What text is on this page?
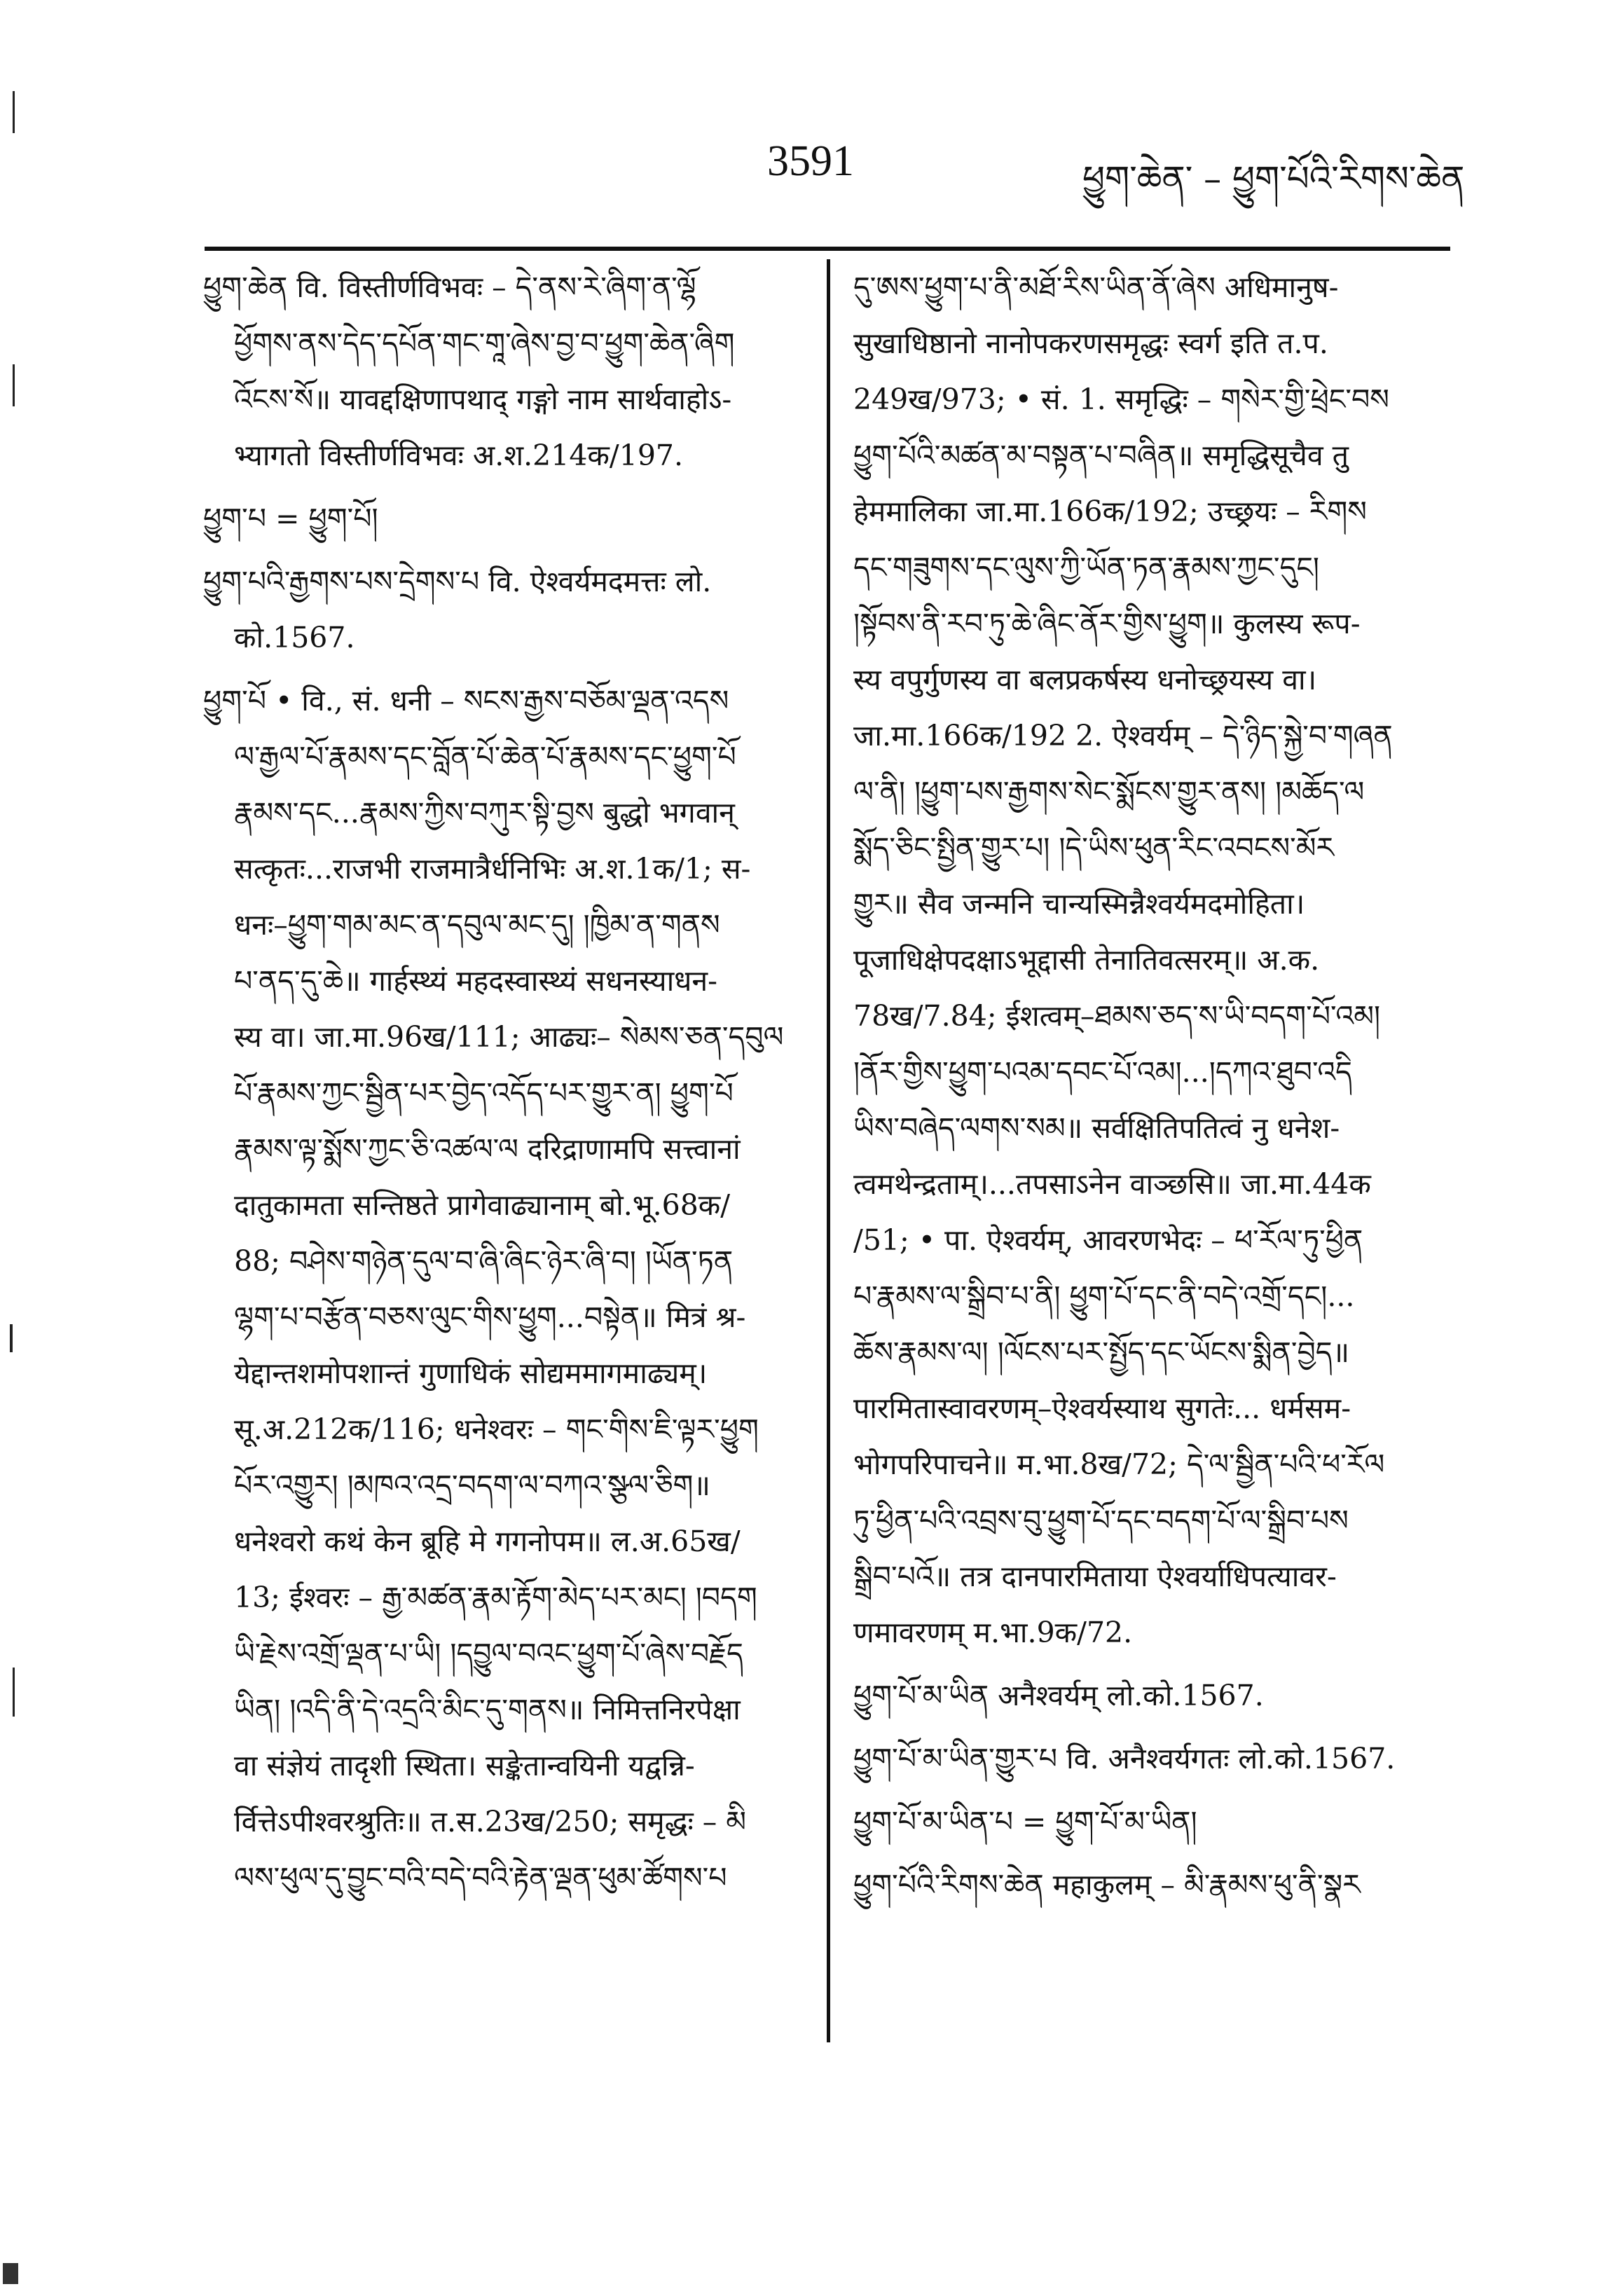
3591	ཕྱུག་ཆེན་ – ཕྱུག་པོའི་རིགས་ཆེན
ཕྱུག་ཆེན वि. विस्तीर्णविभवः – དེ་ནས་རེ་ཞིག་ན་ལྷོ
ཕྱོགས་ནས་དེད་དཔོན་གང་གཱ་ཞེས་བྱ་བ་ཕྱུག་ཆེན་ཞིག
འོངས་སོ॥ यावद्दक्षिणापथाद् गङ्गो नाम सार्थवाहोऽ-
भ्यागतो विस्तीर्णविभवः अ.श.214क/197.
ཕྱུག་པ = ཕྱུག་པོ།
ཕྱུག་པའི་རྒྱགས་པས་དྲེགས་པ वि. ऐश्वर्यमदमत्तः लो.
को.1567.
ཕྱུག་པོ • वि., सं. धनी – སངས་རྒྱས་བཅོམ་ལྡན་འདས
ལ་རྒྱལ་པོ་རྣམས་དང་བློན་པོ་ཆེན་པོ་རྣམས་དང་ཕྱུག་པོ
རྣམས་དང...རྣམས་ཀྱིས་བཀུར་སྟི་བྱས बुद्धो भगवान्
सत्कृतः...राजभी राजमात्रैर्धनिभिः अ.श.1क/1; स-
धनः–ཕྱུག་གམ་མང་ན་དབུལ་མང་དུ། །ཁྱིམ་ན་གནས
པ་ནད་དུ་ཆེ॥ गार्हस्थ्यं महदस्वास्थ्यं सधनस्याधन-
स्य वा। जा.मा.96ख/111; आढ्यः– སེམས་ཅན་དབུལ
པོ་རྣམས་ཀྱང་སྦྱིན་པར་བྱེད་འདོད་པར་གྱུར་ན། ཕྱུག་པོ
རྣམས་ལྟ་སྨོས་ཀྱང་ཅི་འཚལ་ལ दरिद्राणामपि सत्त्वानां
दातुकामता सन्तिष्ठते प्रागेवाढ्यानाम् बो.भू.68क/
88; བཤེས་གཉེན་དུལ་བ་ཞི་ཞིང་ཉེར་ཞི་བ། །ཡོན་ཏན
ལྷག་པ་བརྩོན་བཅས་ལུང་གིས་ཕྱུག...བསྟེན॥ मित्रं श्र-
येद्दान्तशमोपशान्तं गुणाधिकं सोद्यममागमाढ्यम्।
सू.अ.212क/116; धनेश्वरः – གང་གིས་ཇི་ལྟར་ཕྱུག
པོར་འགྱུར། །མཁའ་འདྲ་བདག་ལ་བཀའ་སྩལ་ཅིག॥
धनेश्वरो कथं केन ब्रूहि मे गगनोपम॥ ल.अ.65ख/
13; ईश्वरः – རྒྱ་མཚན་རྣམ་རྟོག་མེད་པར་མང། །བདག
ཡི་རྗེས་འགྲོ་ལྡན་པ་ཡི། །དབྱུལ་བའང་ཕྱུག་པོ་ཞེས་བརྗོད
ཡིན། །འདི་ནི་དེ་འདྲའི་མིང་དུ་གནས॥ निमित्तनिरपेक्षा
वा संज्ञेयं तादृशी स्थिता। सङ्केतान्वयिनी यद्वन्नि-
र्वित्तेऽपीश्वरश्रुतिः॥ त.स.23ख/250; समृद्धः – མི
ལས་ཕུལ་དུ་བྱུང་བའི་བདེ་བའི་རྟེན་ལྡན་ཕུམ་ཚོགས་པ
དུ་ཨས་ཕྱུག་པ་ནི་མཐོ་རིས་ཡིན་ནོ་ཞེས अधिमानुष-
सुखाधिष्ठानो नानोपकरणसमृद्धः स्वर्ग इति त.प.
249ख/973; • सं. 1. समृद्धिः – གསེར་གྱི་ཕྲེང་བས
ཕྱུག་པོའི་མཚན་མ་བསྟན་པ་བཞིན॥ समृद्धिसूचैव तु
हेममालिका जा.मा.166क/192; उच्छ्रयः – རིགས
དང་གཟུགས་དང་ལུས་ཀྱི་ཡོན་ཏན་རྣམས་ཀྱང་དུང།
།སྟོབས་ནི་རབ་ཏུ་ཆེ་ཞིང་ནོར་གྱིས་ཕྱུག॥ कुलस्य रूप-
स्य वपुर्गुणस्य वा बलप्रकर्षस्य धनोच्छ्रयस्य वा।
जा.मा.166क/192 2. ऐश्वर्यम् – དེ་ཉིད་སྐྱེ་བ་གཞན
ལ་ནི། །ཕྱུག་པས་རྒྱགས་སེང་སྨོངས་གྱུར་ནས། །མཆོད་ལ
སྨོད་ཅིང་སྤྱིན་གྱུར་པ། །དེ་ཡིས་ཕུན་རིང་འབངས་མོར
གྱུར॥ सैव जन्मनि चान्यस्मिन्नैश्वर्यमदमोहिता।
पूजाधिक्षेपदक्षाऽभूद्दासी तेनातिवत्सरम्॥ अ.क.
78ख/7.84; ईशत्वम्–ཐམས་ཅད་ས་ཡི་བདག་པོ་འམ།
།ནོར་གྱིས་ཕྱུག་པའམ་དབང་པོ་འམ།...།དཀའ་ཐུབ་འདི
ཡིས་བཞེད་ལགས་སམ॥ सर्वक्षितिपतित्वं नु धनेश-
त्वमथेन्द्रताम्।...तपसाऽनेन वाञ्छसि॥ जा.मा.44क
/51; • पा. ऐश्वर्यम्, आवरणभेदः – ཕ་རོལ་ཏུ་ཕྱིན
པ་རྣམས་ལ་སྒྲིབ་པ་ནི། ཕྱུག་པོ་དང་ནི་བདེ་འགྲོ་དང།...
ཆོས་རྣམས་ལ། །ལོངས་པར་སྤྱོད་དང་ཡོངས་སྨིན་བྱེད॥
पारमितास्वावरणम्–ऐश्वर्यस्याथ सुगतेः... धर्मसम-
भोगपरिपाचने॥ म.भा.8ख/72; དེ་ལ་སྦྱིན་པའི་ཕ་རོལ
ཏུ་ཕྱིན་པའི་འབྲས་བུ་ཕྱུག་པོ་དང་བདག་པོ་ལ་སྒྲིབ་པས
སྒྲིབ་པའོ॥ तत्र दानपारमिताया ऐश्वर्याधिपत्यावर-
णमावरणम् म.भा.9क/72.
ཕྱུག་པོ་མ་ཡིན अनैश्वर्यम् लो.को.1567.
ཕྱུག་པོ་མ་ཡིན་གྱུར་པ वि. अनैश्वर्यगतः लो.को.1567.
ཕྱུག་པོ་མ་ཡིན་པ = ཕྱུག་པོ་མ་ཡིན།
ཕྱུག་པོའི་རིགས་ཆེན महाकुलम् – མི་རྣམས་ཕུ་ནི་སྣར
